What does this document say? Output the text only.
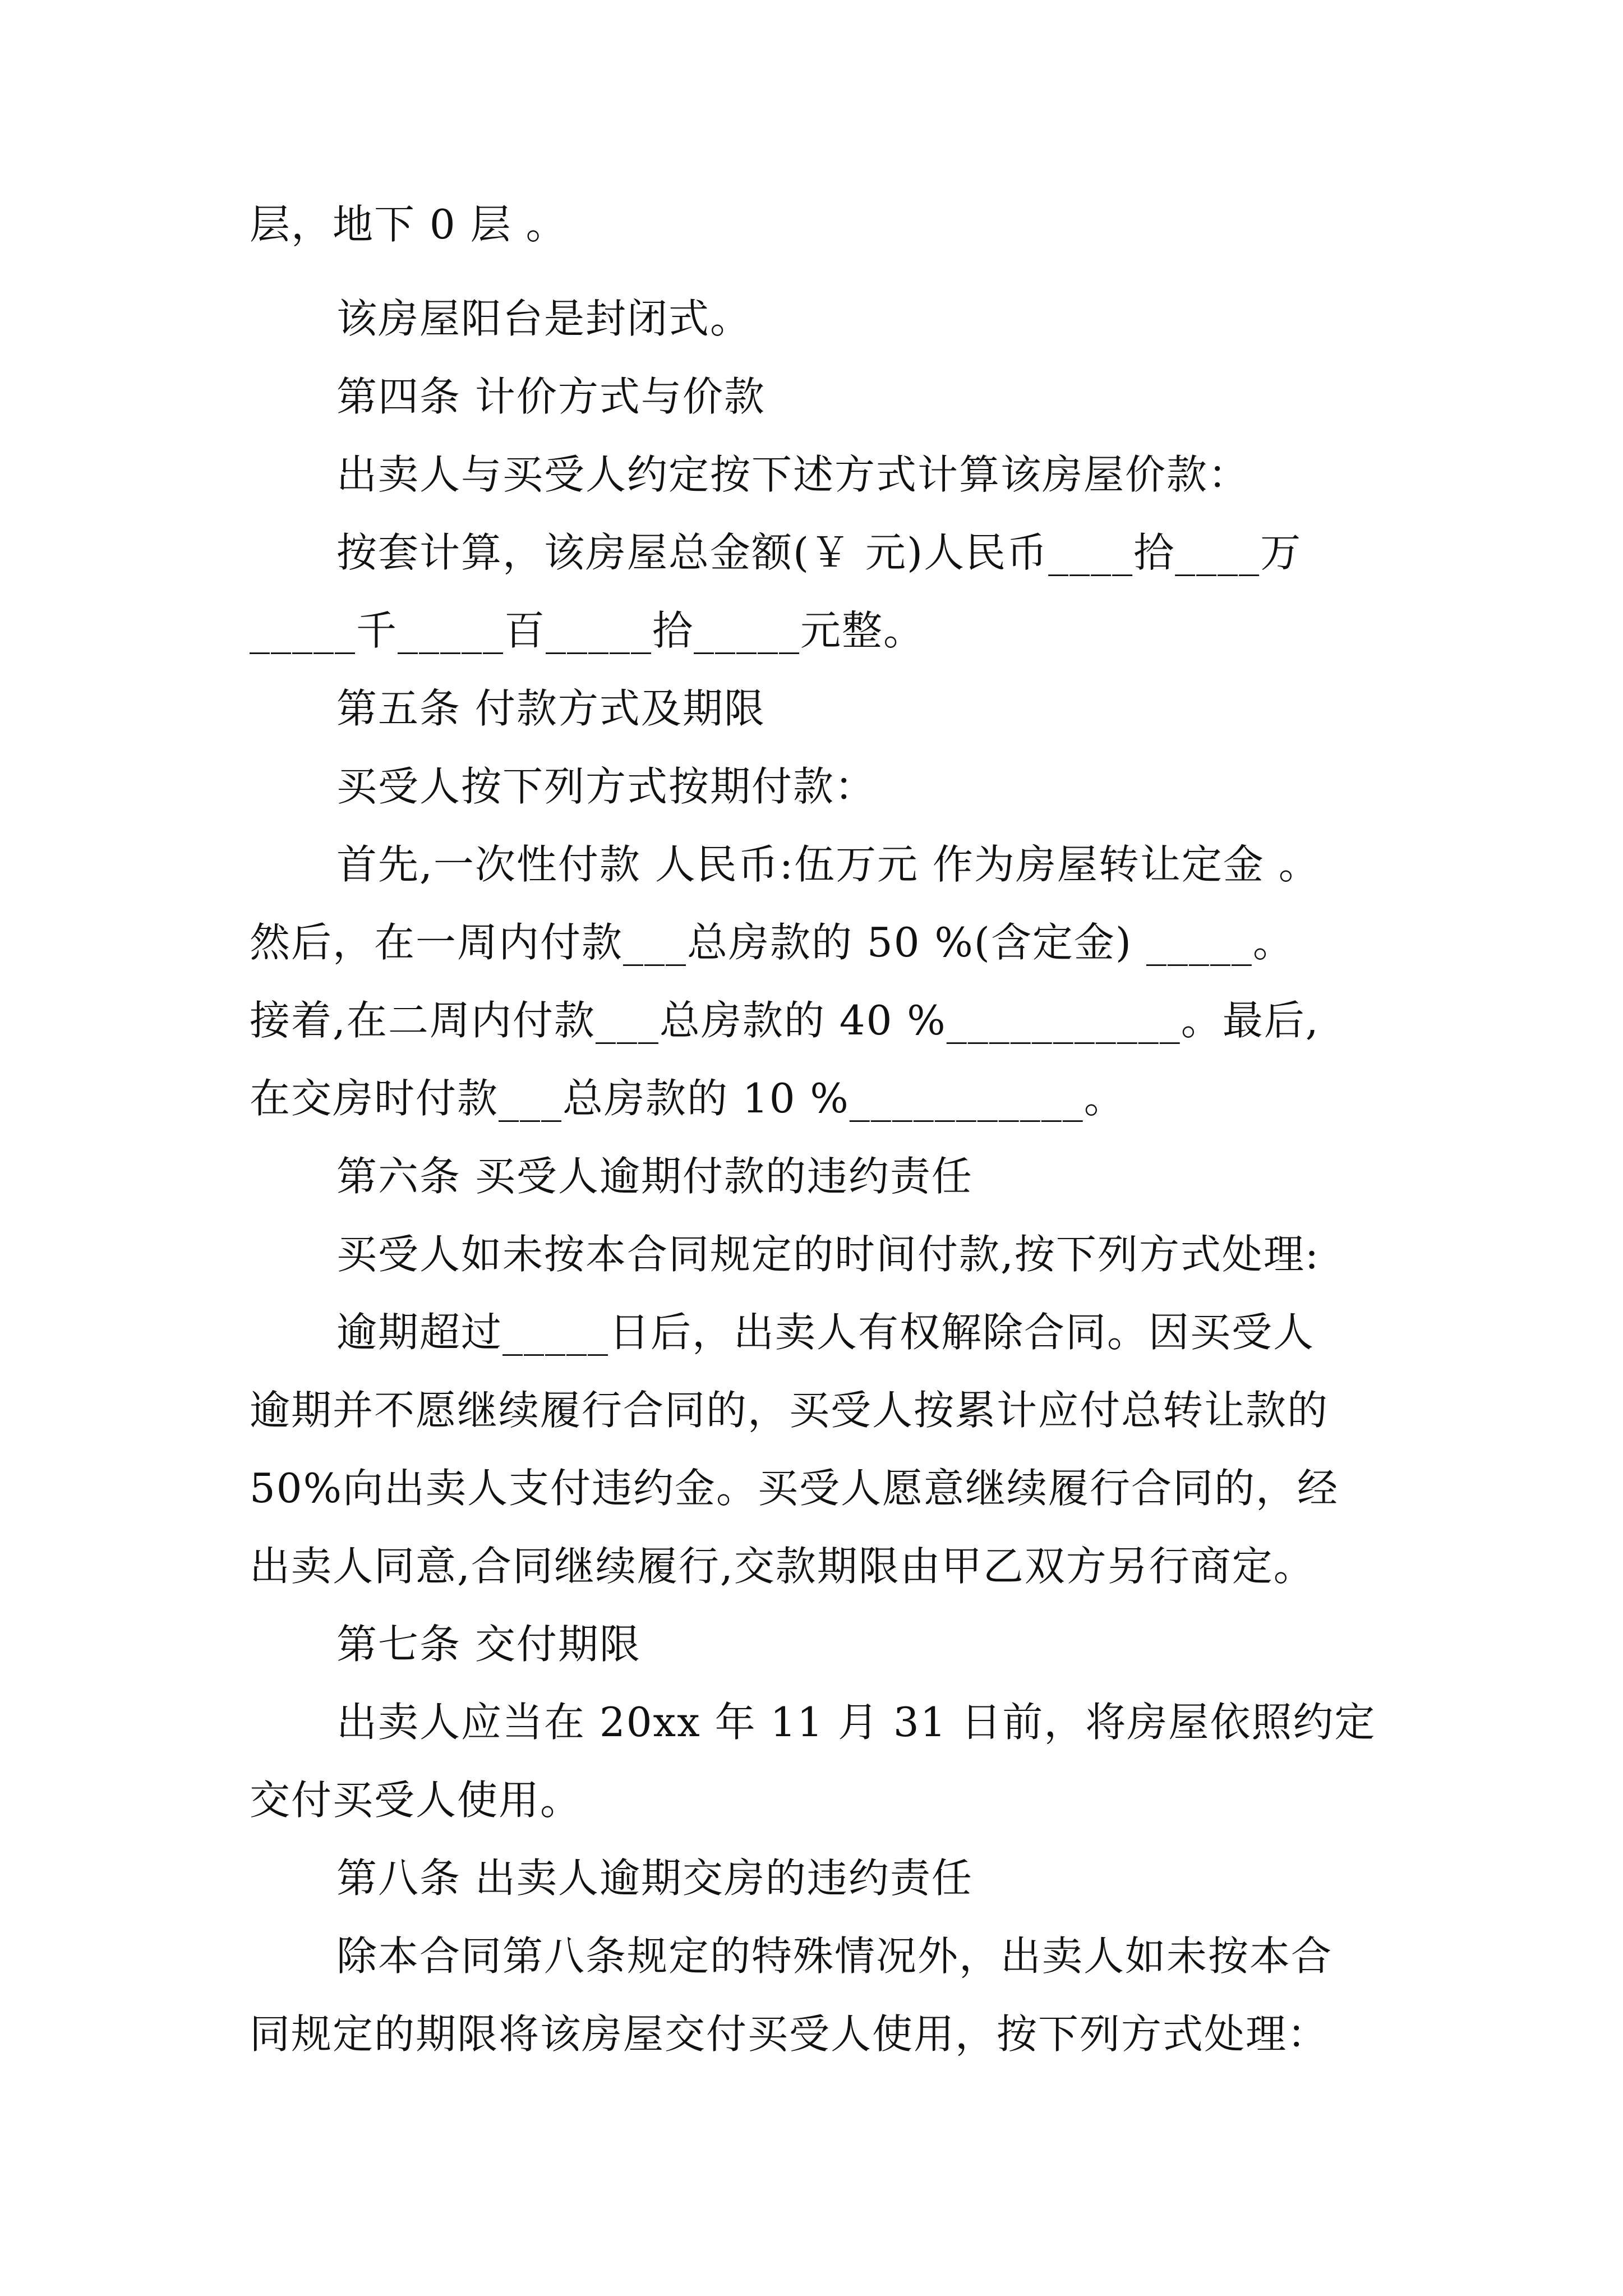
层，地下 0 层 。
该房屋阳台是封闭式。
第四条 计价方式与价款
出卖人与买受人约定按下述方式计算该房屋价款：
按套计算，该房屋总金额(￥ 元)人民币____拾____万
_____千_____百_____拾_____元整。
第五条 付款方式及期限
买受人按下列方式按期付款：
首先,一次性付款 人民币:伍万元 作为房屋转让定金 。
然后，在一周内付款___总房款的 50 %(含定金) _____。
接着,在二周内付款___总房款的 40 %___________。最后,
在交房时付款___总房款的 10 %___________。
第六条 买受人逾期付款的违约责任
买受人如未按本合同规定的时间付款,按下列方式处理:
逾期超过_____日后，出卖人有权解除合同。因买受人
逾期并不愿继续履行合同的，买受人按累计应付总转让款的
50%向出卖人支付违约金。买受人愿意继续履行合同的，经
出卖人同意,合同继续履行,交款期限由甲乙双方另行商定。
第七条 交付期限
出卖人应当在 20xx 年 11 月 31 日前，将房屋依照约定
交付买受人使用。
第八条 出卖人逾期交房的违约责任
除本合同第八条规定的特殊情况外，出卖人如未按本合
同规定的期限将该房屋交付买受人使用，按下列方式处理：
